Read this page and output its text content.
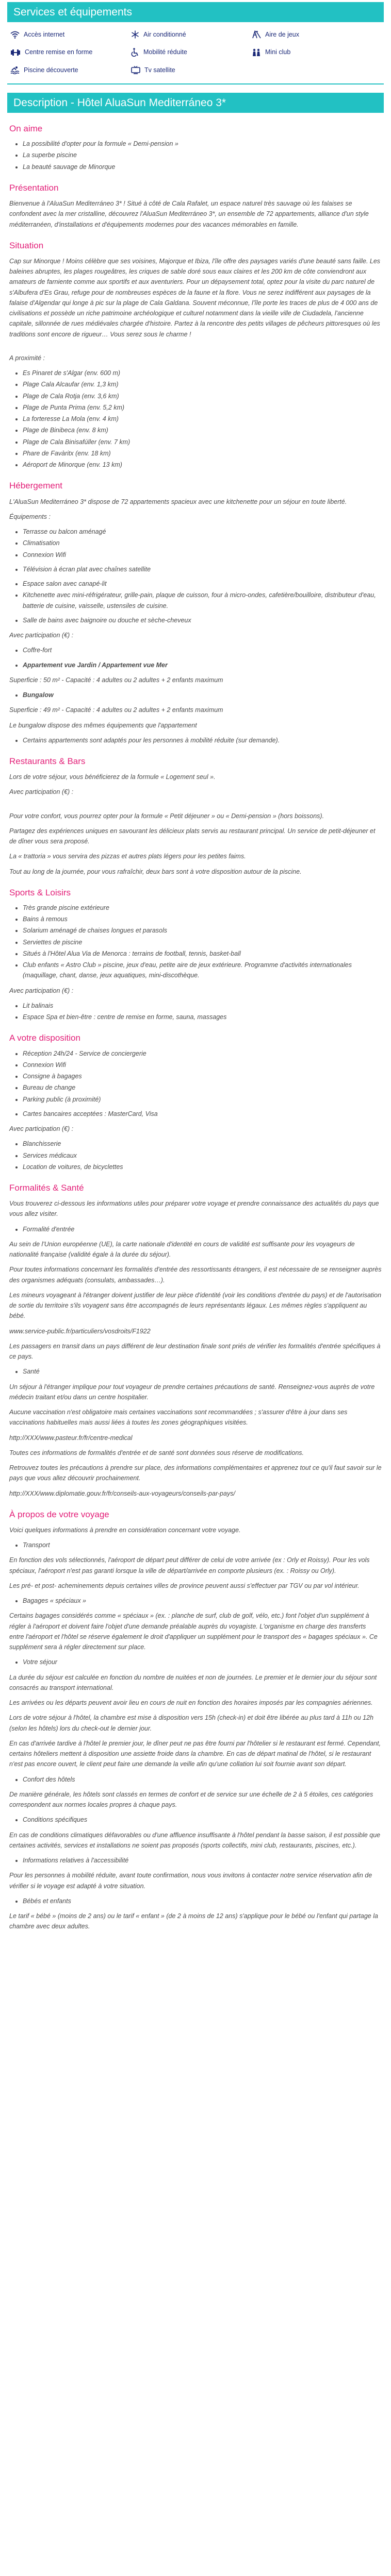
Services et équipements
Accès internet	Air conditionné	Aire de jeux
Centre remise en forme	Mobilité réduite	Mini club
Piscine découverte	Tv satellite
Description - Hôtel AluaSun Mediterráneo 3*
On aime
• La possibilité d'opter pour la formule « Demi-pension »
• La superbe piscine
• La beauté sauvage de Minorque
Présentation

Bienvenue à l'AluaSun Mediterráneo 3* ! Situé à côté de Cala Rafalet, un espace naturel très sauvage où les falaises se confondent avec la mer cristalline, découvrez l'AluaSun Mediterráneo 3*, un ensemble de 72 appartements, alliance d'un style méditerranéen, d'installations et d'équipements modernes pour des vacances mémorables en famille.

Situation

Cap sur Minorque ! Moins célèbre que ses voisines, Majorque et Ibiza, l'île offre des paysages variés d'une beauté sans faille. Les baleines abruptes, les plages rougeâtres, les criques de sable doré sous eaux claires et les 200 km de côte conviendront aux amateurs de farniente comme aux sportifs et aux aventuriers. Pour un dépaysement total, optez pour la visite du parc naturel de s'Albufera d'Es Grau, refuge pour de nombreuses espèces de la faune et la flore. Vous ne serez indifférent aux paysages de la falaise d'Algendar qui longe à pic sur la plage de Cala Galdana. Souvent méconnue, l'île porte les traces de plus de 4 000 ans de civilisations et possède un riche patrimoine archéologique et culturel notamment dans la vieille ville de Ciudadela, l'ancienne capitale, sillonnée de rues médiévales chargée d'histoire. Partez à la rencontre des petits villages de pêcheurs pittoresques où les traditions sont encore de rigueur… Vous serez sous le charme !

A proximité :

• Es Pinaret de s'Algar (env. 600 m)
• Plage Cala Alcaufar (env. 1,3 km)
• Plage de Cala Rotja (env. 3,6 km)
• Plage de Punta Prima (env. 5,2 km)
• La forteresse La Mola (env. 4 km)
• Plage de Binibeca (env. 8 km)
• Plage de Cala Binisafúller (env. 7 km)
• Phare de Favàritx (env. 18 km)
• Aéroport de Minorque (env. 13 km)
Hébergement

L'AluaSun Mediterráneo 3* dispose de 72 appartements spacieux avec une kitchenette pour un séjour en toute liberté.

Équipements :

• Terrasse ou balcon aménagé
• Climatisation
• Connexion Wifi
• Télévision à écran plat avec chaînes satellite
• Espace salon avec canapé-lit
• Kitchenette avec mini-réfrigérateur, grille-pain, plaque de cuisson, four à micro-ondes, cafetière/bouilloire, distributeur d'eau, batterie de cuisine, vaisselle, ustensiles de cuisine.
• Salle de bains avec baignoire ou douche et sèche-cheveux

Avec participation (€) :

• Coffre-fort
• Appartement vue Jardin / Appartement vue Mer

Superficie : 50 m² - Capacité : 4 adultes ou 2 adultes + 2 enfants maximum

• Bungalow

Superficie : 49 m² - Capacité : 4 adultes ou 2 adultes + 2 enfants maximum

Le bungalow dispose des mêmes équipements que l'appartement

• Certains appartements sont adaptés pour les personnes à mobilité réduite (sur demande).
Restaurants & Bars

Lors de votre séjour, vous bénéficierez de la formule « Logement seul ».

Avec participation (€) :

Pour votre confort, vous pourrez opter pour la formule « Petit déjeuner » ou « Demi-pension » (hors boissons).

Partagez des expériences uniques en savourant les délicieux plats servis au restaurant principal. Un service de petit-déjeuner et de dîner vous sera proposé.

La « trattoria » vous servira des pizzas et autres plats légers pour les petites faims.

Tout au long de la journée, pour vous rafraîchir, deux bars sont à votre disposition autour de la piscine.

Sports & Loisirs
• Très grande piscine extérieure
• Bains à remous
• Solarium aménagé de chaises longues et parasols
• Serviettes de piscine
• Situés à l'Hôtel Alua Via de Menorca : terrains de football, tennis, basket-ball
• Club enfants « Astro Club » piscine, jeux d'eau, petite aire de jeux extérieure. Programme d'activités internationales (maquillage, chant, danse, jeux aquatiques, mini-discothèque.

Avec participation (€) :

• Lit balinais
• Espace Spa et bien-être : centre de remise en forme, sauna, massages
A votre disposition
• Réception 24h/24 - Service de conciergerie
• Connexion Wifi
• Consigne à bagages
• Bureau de change
• Parking public (à proximité)
• Cartes bancaires acceptées : MasterCard, Visa

Avec participation (€) :

• Blanchisserie
• Services médicaux
• Location de voitures, de bicyclettes
Formalités & Santé

Vous trouverez ci-dessous les informations utiles pour préparer votre voyage et prendre connaissance des actualités du pays que vous allez visiter.

• Formalité d'entrée

Au sein de l'Union européenne (UE), la carte nationale d'identité en cours de validité est suffisante pour les voyageurs de nationalité française (validité égale à la durée du séjour).

Pour toutes informations concernant les formalités d'entrée des ressortissants étrangers, il est nécessaire de se renseigner auprès des organismes adéquats (consulats, ambassades…).

Les mineurs voyageant à l'étranger doivent justifier de leur pièce d'identité (voir les conditions d'entrée du pays) et de l'autorisation de sortie du territoire s'ils voyagent sans être accompagnés de leurs représentants légaux. Les mêmes règles s'appliquent au bébé.

www.service-public.fr/particuliers/vosdroits/F1922

Les passagers en transit dans un pays différent de leur destination finale sont priés de vérifier les formalités d'entrée spécifiques à ce pays.

• Santé

Un séjour à l'étranger implique pour tout voyageur de prendre certaines précautions de santé. Renseignez-vous auprès de votre médecin traitant et/ou dans un centre hospitalier.

Aucune vaccination n'est obligatoire mais certaines vaccinations sont recommandées ; s'assurer d'être à jour dans ses vaccinations habituelles mais aussi liées à toutes les zones géographiques visitées.

http://XXX/www.pasteur.fr/fr/centre-medical

Toutes ces informations de formalités d'entrée et de santé sont données sous réserve de modifications.

Retrouvez toutes les précautions à prendre sur place, des informations complémentaires et apprenez tout ce qu'il faut savoir sur le pays que vous allez découvrir prochainement.

http://XXX/www.diplomatie.gouv.fr/fr/conseils-aux-voyageurs/conseils-par-pays/

À propos de votre voyage

Voici quelques informations à prendre en considération concernant votre voyage.

• Transport

En fonction des vols sélectionnés, l'aéroport de départ peut différer de celui de votre arrivée (ex : Orly et Roissy). Pour les vols spéciaux, l'aéroport n'est pas garanti lorsque la ville de départ/arrivée en comporte plusieurs (ex. : Roissy ou Orly).

Les pré- et post- acheminements depuis certaines villes de province peuvent aussi s'effectuer par TGV ou par vol intérieur.

• Bagages « spéciaux »

Certains bagages considérés comme « spéciaux » (ex. : planche de surf, club de golf, vélo, etc.) font l'objet d'un supplément à régler à l'aéroport et doivent faire l'objet d'une demande préalable auprès du voyagiste. L'organisme en charge des transferts entre l'aéroport et l'hôtel se réserve également le droit d'appliquer un supplément pour le transport des « bagages spéciaux ». Ce supplément sera à régler directement sur place.

• Votre séjour

La durée du séjour est calculée en fonction du nombre de nuitées et non de journées. Le premier et le dernier jour du séjour sont consacrés au transport international.

Les arrivées ou les départs peuvent avoir lieu en cours de nuit en fonction des horaires imposés par les compagnies aériennes.

Lors de votre séjour à l'hôtel, la chambre est mise à disposition vers 15h (check-in) et doit être libérée au plus tard à 11h ou 12h (selon les hôtels) lors du check-out le dernier jour.

En cas d'arrivée tardive à l'hôtel le premier jour, le dîner peut ne pas être fourni par l'hôtelier si le restaurant est fermé. Cependant, certains hôteliers mettent à disposition une assiette froide dans la chambre. En cas de départ matinal de l'hôtel, si le restaurant n'est pas encore ouvert, le client peut faire une demande la veille afin qu'une collation lui soit fournie avant son départ.

• Confort des hôtels

De manière générale, les hôtels sont classés en termes de confort et de service sur une échelle de 2 à 5 étoiles, ces catégories correspondent aux normes locales propres à chaque pays.

• Conditions spécifiques

En cas de conditions climatiques défavorables ou d'une affluence insuffisante à l'hôtel pendant la basse saison, il est possible que certaines activités, services et installations ne soient pas proposés (sports collectifs, mini club, restaurants, piscines, etc.).

• Informations relatives à l'accessibilité

Pour les personnes à mobilité réduite, avant toute confirmation, nous vous invitons à contacter notre service réservation afin de vérifier si le voyage est adapté à votre situation.

• Bébés et enfants

Le tarif « bébé » (moins de 2 ans) ou le tarif « enfant » (de 2 à moins de 12 ans) s'applique pour le bébé ou l'enfant qui partage la chambre avec deux adultes.
